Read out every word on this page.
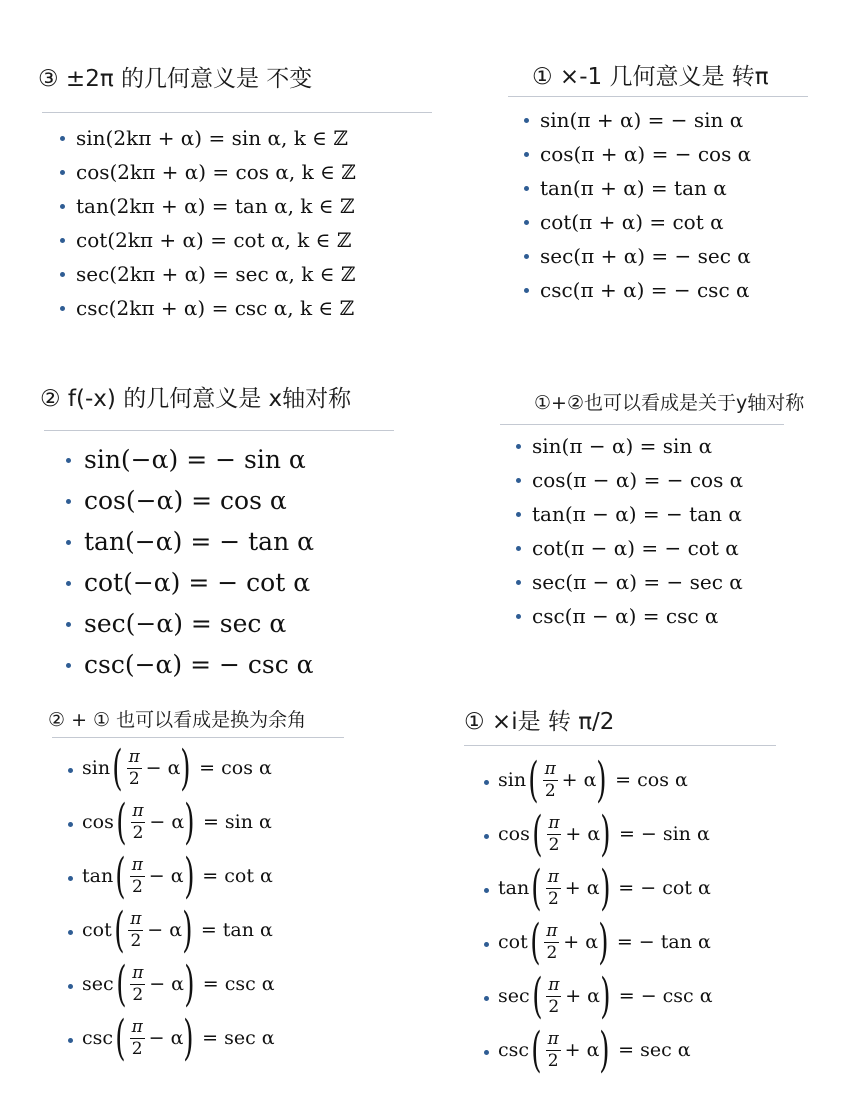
③ ±2π 的几何意义是 不变
sin(2kπ + α) = sin α, k ∈ ℤ
cos(2kπ + α) = cos α, k ∈ ℤ
tan(2kπ + α) = tan α, k ∈ ℤ
cot(2kπ + α) = cot α, k ∈ ℤ
sec(2kπ + α) = sec α, k ∈ ℤ
csc(2kπ + α) = csc α, k ∈ ℤ
① ×-1 几何意义是 转π
sin(π + α) = − sin α
cos(π + α) = − cos α
tan(π + α) = tan α
cot(π + α) = cot α
sec(π + α) = − sec α
csc(π + α) = − csc α
② f(-x) 的几何意义是 x轴对称
sin(−α) = − sin α
cos(−α) = cos α
tan(−α) = − tan α
cot(−α) = − cot α
sec(−α) = sec α
csc(−α) = − csc α
①+②也可以看成是关于y轴对称
sin(π − α) = sin α
cos(π − α) = − cos α
tan(π − α) = − tan α
cot(π − α) = − cot α
sec(π − α) = − sec α
csc(π − α) = csc α
② + ① 也可以看成是换为余角
sin ( $\frac{\pi}{2} - \alpha$ ) = cos α
cos ( $\frac{\pi}{2} - \alpha$ ) = sin α
tan ( $\frac{\pi}{2} - \alpha$ ) = cot α
cot ( $\frac{\pi}{2} - \alpha$ ) = tan α
sec ( $\frac{\pi}{2} - \alpha$ ) = csc α
csc ( $\frac{\pi}{2} - \alpha$ ) = sec α
① ×i是 转 π/2
sin ( $\frac{\pi}{2} + \alpha$ ) = cos α
cos ( $\frac{\pi}{2} + \alpha$ ) = − sin α
tan ( $\frac{\pi}{2} + \alpha$ ) = − cot α
cot ( $\frac{\pi}{2} + \alpha$ ) = − tan α
sec ( $\frac{\pi}{2} + \alpha$ ) = − csc α
csc ( $\frac{\pi}{2} + \alpha$ ) = sec α
